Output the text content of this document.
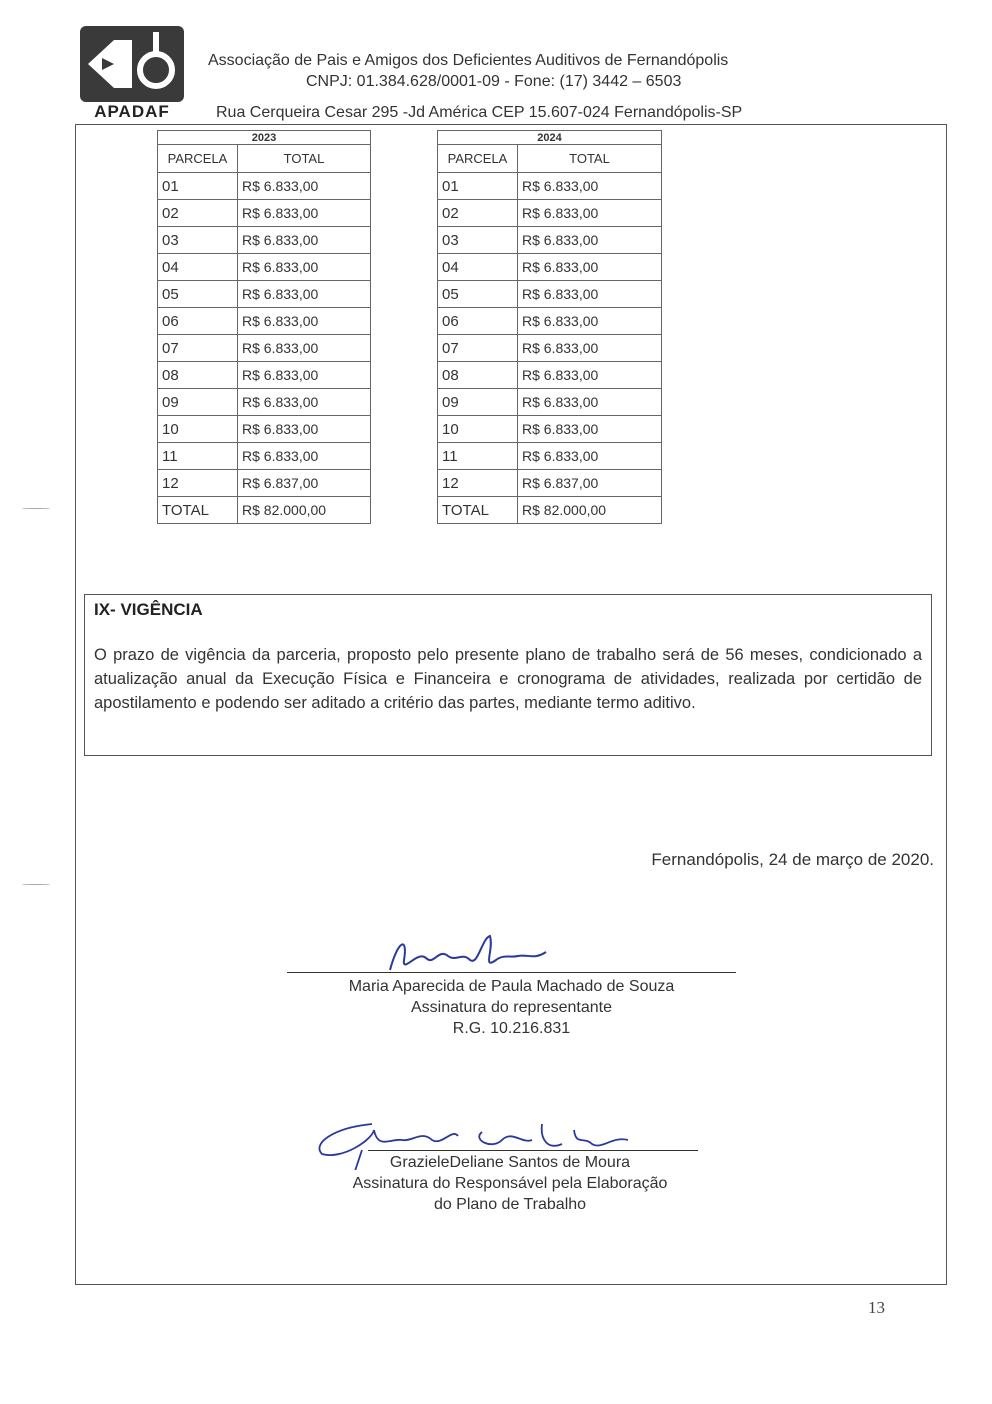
APADAF
Associação de Pais e Amigos dos Deficientes Auditivos de Fernandópolis
CNPJ: 01.384.628/0001-09 - Fone: (17) 3442 – 6503
Rua Cerqueira Cesar 295 -Jd América CEP 15.607-024 Fernandópolis-SP
2023	
PARCELA	TOTAL
01	R$ 6.833,00
02	R$ 6.833,00
03	R$ 6.833,00
04	R$ 6.833,00
05	R$ 6.833,00
06	R$ 6.833,00
07	R$ 6.833,00
08	R$ 6.833,00
09	R$ 6.833,00
10	R$ 6.833,00
11	R$ 6.833,00
12	R$ 6.837,00
TOTAL	R$ 82.000,00
2024	
PARCELA	TOTAL
01	R$ 6.833,00
02	R$ 6.833,00
03	R$ 6.833,00
04	R$ 6.833,00
05	R$ 6.833,00
06	R$ 6.833,00
07	R$ 6.833,00
08	R$ 6.833,00
09	R$ 6.833,00
10	R$ 6.833,00
11	R$ 6.833,00
12	R$ 6.837,00
TOTAL	R$ 82.000,00
IX- VIGÊNCIA
O prazo de vigência da parceria, proposto pelo presente plano de trabalho será de 56 meses, condicionado a atualização anual da Execução Física e Financeira e cronograma de atividades, realizada por certidão de apostilamento e podendo ser aditado a critério das partes, mediante termo aditivo.
Fernandópolis, 24 de março de 2020.
Maria Aparecida de Paula Machado de Souza
Assinatura do representante
R.G. 10.216.831
GrazieleDeliane Santos de Moura
Assinatura do Responsável pela Elaboração
do Plano de Trabalho
13
